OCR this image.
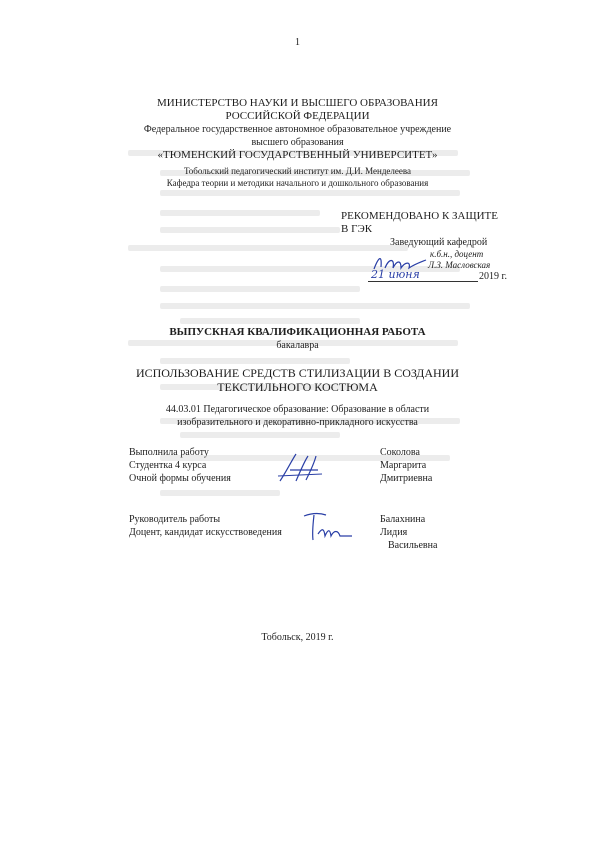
1
МИНИСТЕРСТВО НАУКИ И ВЫСШЕГО ОБРАЗОВАНИЯ
РОССИЙСКОЙ ФЕДЕРАЦИИ
Федеральное государственное автономное образовательное учреждение
высшего образования
«ТЮМЕНСКИЙ ГОСУДАРСТВЕННЫЙ УНИВЕРСИТЕТ»
Тобольский педагогический институт им. Д.И. Менделеева
Кафедра теории и методики начального и дошкольного образования
РЕКОМЕНДОВАНО К ЗАЩИТЕ
В ГЭК
Заведующий кафедрой
к.б.н., доцент
Л.З. Масловская
21 июня	2019 г.
ВЫПУСКНАЯ КВАЛИФИКАЦИОННАЯ РАБОТА
бакалавра
ИСПОЛЬЗОВАНИЕ СРЕДСТВ СТИЛИЗАЦИИ В СОЗДАНИИ
ТЕКСТИЛЬНОГО КОСТЮМА
44.03.01 Педагогическое образование: Образование в области
изобразительного и декоративно-прикладного искусства
Выполнила работу
Студентка 4 курса
Очной формы обучения
Соколова
Маргарита
Дмитриевна
Руководитель работы
Доцент, кандидат искусствоведения
Балахнина
Лидия
Васильевна
Тобольск, 2019 г.
